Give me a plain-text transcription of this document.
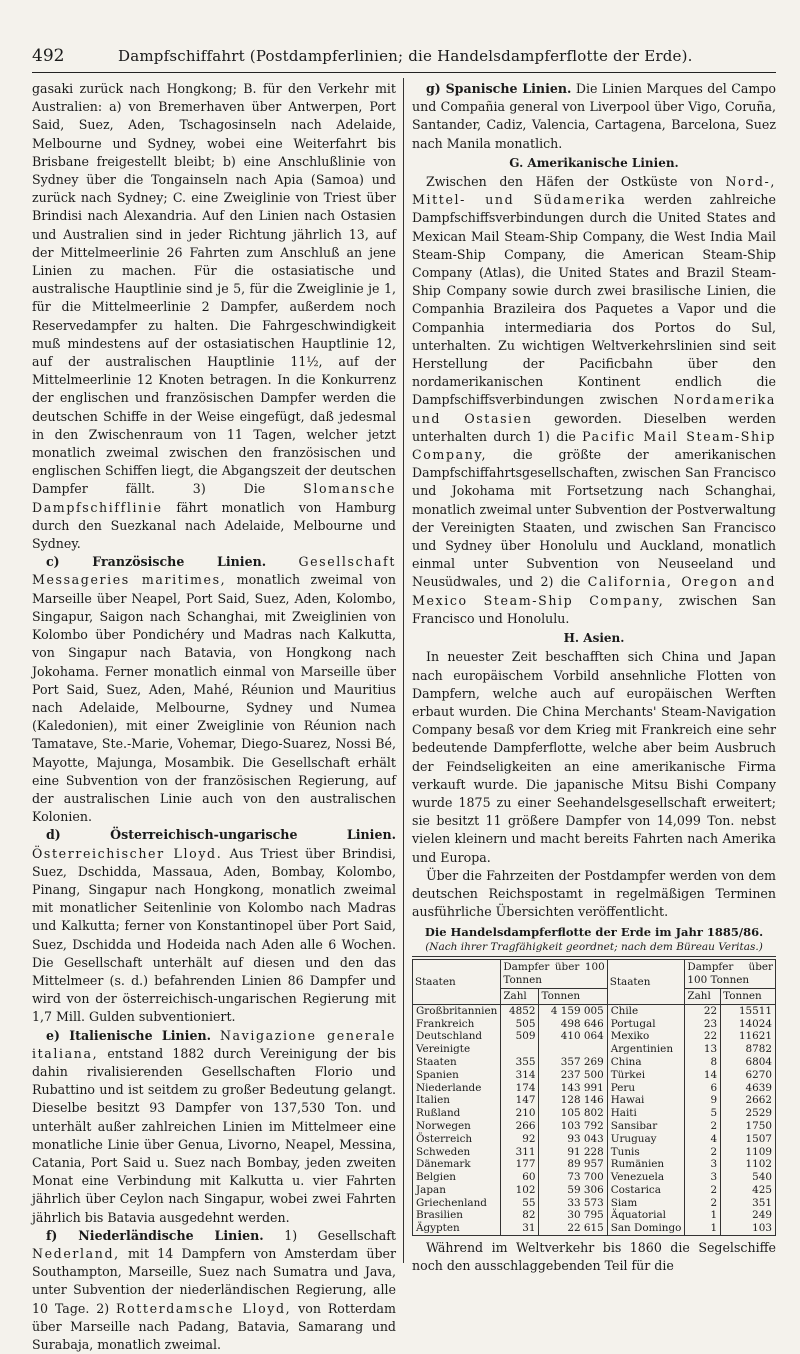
492	Dampfschiffahrt (Postdampferlinien; die Handelsdampferflotte der Erde).

gasaki zurück nach Hongkong; B. für den Verkehr mit Australien: a) von Bremerhaven über Antwerpen, Port Said, Suez, Aden, Tschagosinseln nach Adelaide, Melbourne und Sydney, wobei eine Weiterfahrt bis Brisbane freigestellt bleibt; b) eine Anschlußlinie von Sydney über die Tongainseln nach Apia (Samoa) und zurück nach Sydney; C. eine Zweiglinie von Triest über Brindisi nach Alexandria. Auf den Linien nach Ostasien und Australien sind in jeder Richtung jährlich 13, auf der Mittelmeerlinie 26 Fahrten zum Anschluß an jene Linien zu machen. Für die ostasiatische und australische Hauptlinie sind je 5, für die Zweiglinie je 1, für die Mittelmeerlinie 2 Dampfer, außerdem noch Reservedampfer zu halten. Die Fahrgeschwindigkeit muß mindestens auf der ostasiatischen Hauptlinie 12, auf der australischen Hauptlinie 11½, auf der Mittelmeerlinie 12 Knoten betragen. In die Konkurrenz der englischen und französischen Dampfer werden die deutschen Schiffe in der Weise eingefügt, daß jedesmal in den Zwischenraum von 11 Tagen, welcher jetzt monatlich zweimal zwischen den französischen und englischen Schiffen liegt, die Abgangszeit der deutschen Dampfer fällt. 3) Die	Slomansche Dampfschifflinie fährt monatlich von Hamburg durch den Suezkanal nach Adelaide, Melbourne und Sydney.

c) Französische Linien.	Gesellschaft Messageries maritimes, monatlich zweimal von Marseille über Neapel, Port Said, Suez, Aden, Kolombo, Singapur, Saigon nach Schanghai, mit Zweiglinien von Kolombo über Pondichéry und Madras nach Kalkutta, von Singapur nach Batavia, von Hongkong nach Jokohama. Ferner monatlich einmal von Marseille über Port Said, Suez, Aden, Mahé, Réunion und Mauritius nach Adelaide, Melbourne, Sydney und Numea (Kaledonien), mit einer Zweiglinie von Réunion nach Tamatave, Ste.-Marie, Vohemar, Diego-Suarez, Nossi Bé, Mayotte, Majunga, Mosambik. Die Gesellschaft erhält eine Subvention von der französischen Regierung, auf der australischen Linie auch von den australischen Kolonien.

d) Österreichisch-ungarische Linien. Österreichischer Lloyd. Aus Triest über Brindisi, Suez, Dschidda, Massaua, Aden, Bombay, Kolombo, Pinang, Singapur nach Hongkong, monatlich zweimal mit monatlicher Seitenlinie von Kolombo nach Madras und Kalkutta; ferner von Konstantinopel über Port Said, Suez, Dschidda und Hodeida nach Aden alle 6 Wochen. Die Gesellschaft unterhält auf diesen und den das Mittelmeer (s. d.) befahrenden Linien 86 Dampfer und wird von der österreichisch-ungarischen Regierung mit 1,7 Mill. Gulden subventioniert.

e) Italienische Linien. Navigazione generale italiana, entstand 1882 durch Vereinigung der bis dahin rivalisierenden Gesellschaften Florio und Rubattino und ist seitdem zu großer Bedeutung gelangt. Dieselbe besitzt 93 Dampfer von 137,530 Ton. und unterhält außer zahlreichen Linien im Mittelmeer eine monatliche Linie über Genua, Livorno, Neapel, Messina, Catania, Port Said u. Suez nach Bombay, jeden zweiten Monat eine Verbindung mit Kalkutta u. vier Fahrten jährlich über Ceylon nach Singapur, wobei zwei Fahrten jährlich bis Batavia ausgedehnt werden.

f) Niederländische Linien. 1) Gesellschaft Nederland, mit 14 Dampfern von Amsterdam über Southampton, Marseille, Suez nach Sumatra und Java, unter Subvention der niederländischen Regierung, alle 10 Tage. 2) Rotterdamsche Lloyd, von Rotterdam über Marseille nach Padang, Batavia, Samarang und Surabaja, monatlich zweimal.

g) Spanische Linien. Die Linien Marques del Campo und Compañia general von Liverpool über Vigo, Coruña, Santander, Cadiz, Valencia, Cartagena, Barcelona, Suez nach Manila monatlich.

G. Amerikanische Linien.

Zwischen den Häfen der Ostküste von Nord-, Mittel- und Südamerika werden zahlreiche Dampfschiffsverbindungen durch die United States and Mexican Mail Steam-Ship Company, die West India Mail Steam-Ship Company, die American Steam-Ship Company (Atlas), die United States and Brazil Steam-Ship Company sowie durch zwei brasilische Linien, die Companhia Brazileira dos Paquetes a Vapor und die Companhia intermediaria dos Portos do Sul, unterhalten. Zu wichtigen Weltverkehrslinien sind seit Herstellung der Pacificbahn über den nordamerikanischen Kontinent endlich die Dampfschiffsverbindungen zwischen Nordamerika und Ostasien geworden. Dieselben werden unterhalten durch 1) die Pacific Mail Steam-Ship Company, die größte der amerikanischen Dampfschiffahrtsgesellschaften, zwischen San Francisco und Jokohama mit Fortsetzung nach Schanghai, monatlich zweimal unter Subvention der Postverwaltung der Vereinigten Staaten, und zwischen San Francisco und Sydney über Honolulu und Auckland, monatlich einmal unter Subvention von Neuseeland und Neusüdwales, und 2) die California, Oregon and Mexico Steam-Ship Company, zwischen San Francisco und Honolulu.

H. Asien.

In neuester Zeit beschafften sich China und Japan nach europäischem Vorbild ansehnliche Flotten von Dampfern, welche auch auf europäischen Werften erbaut wurden. Die China Merchants' Steam-Navigation Company besaß vor dem Krieg mit Frankreich eine sehr bedeutende Dampferflotte, welche aber beim Ausbruch der Feindseligkeiten an eine amerikanische Firma verkauft wurde. Die japanische Mitsu Bishi Company wurde 1875 zu einer Seehandelsgesellschaft erweitert; sie besitzt 11 größere Dampfer von 14,099 Ton. nebst vielen kleinern und macht bereits Fahrten nach Amerika und Europa.

Über die Fahrzeiten der Postdampfer werden von dem deutschen Reichspostamt in regelmäßigen Terminen ausführliche Übersichten veröffentlicht.

Die Handelsdampferflotte der Erde im Jahr 1885/86.
(Nach ihrer Tragfähigkeit geordnet; nach dem Büreau Veritas.)
Staaten	Dampfer über 100 Tonnen		Staaten	Dampfer über 100 Tonnen	
	Zahl	Tonnen		Zahl	Tonnen
Großbritannien	4852	4 159 005	Chile	22	15511
Frankreich	505	498 646	Portugal	23	14024
Deutschland	509	410 064	Mexiko	22	11621
Vereinigte			Argentinien	13	8782
Staaten	355	357 269	China	8	6804
Spanien	314	237 500	Türkei	14	6270
Niederlande	174	143 991	Peru	6	4639
Italien	147	128 146	Hawai	9	2662
Rußland	210	105 802	Haiti	5	2529
Norwegen	266	103 792	Sansibar	2	1750
Österreich	92	93 043	Uruguay	4	1507
Schweden	311	91 228	Tunis	2	1109
Dänemark	177	89 957	Rumänien	3	1102
Belgien	60	73 700	Venezuela	3	540
Japan	102	59 306	Costarica	2	425
Griechenland	55	33 573	Siam	2	351
Brasilien	82	30 795	Äquatorial	1	249
Ägypten	31	22 615	San Domingo	1	103

Während im Weltverkehr bis 1860 die Segelschiffe noch den ausschlaggebenden Teil für die
